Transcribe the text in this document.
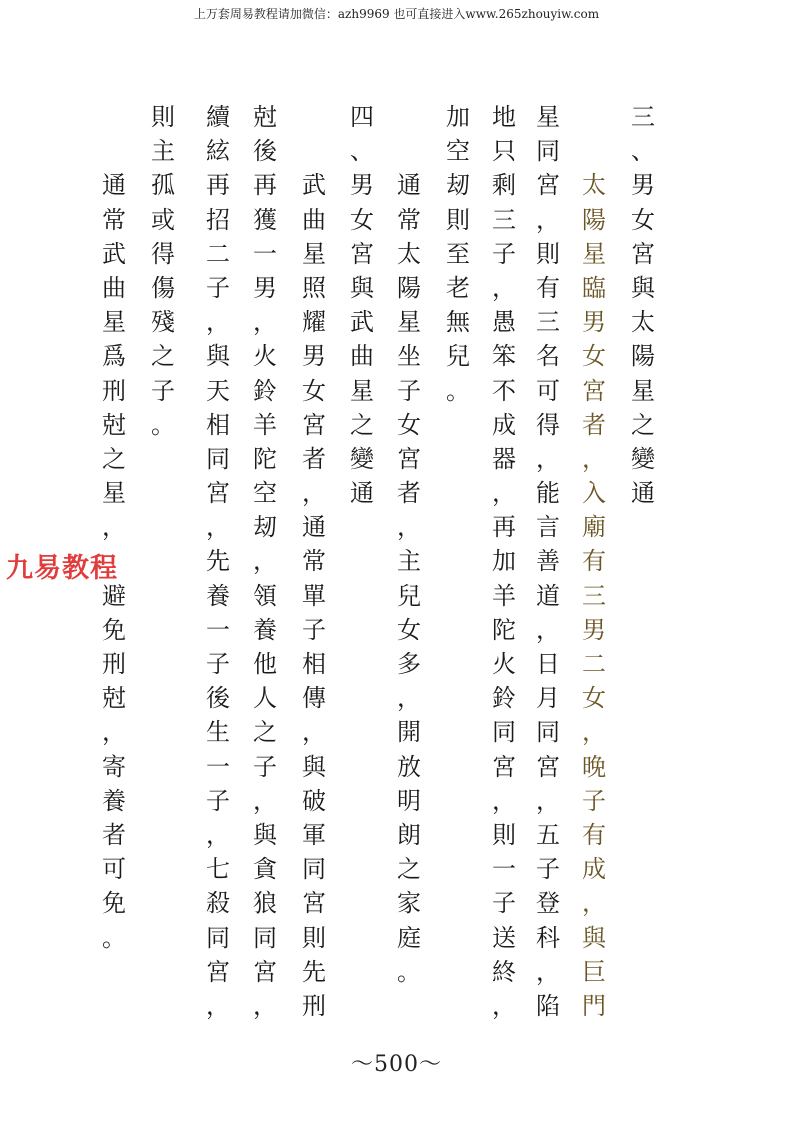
上万套周易教程请加微信：azh9969 也可直接进入www.265zhouyiw.com
三
、
男
女
宮
與
太
陽
星
之
變
通
太
陽
星
臨
男
女
宮
者
，
入
廟
有
三
男
二
女
，
晚
子
有
成
，
與
巨
門
星
同
宮
，
則
有
三
名
可
得
，
能
言
善
道
，
日
月
同
宮
，
五
子
登
科
，
陷
地
只
剩
三
子
，
愚
笨
不
成
器
，
再
加
羊
陀
火
鈴
同
宮
，
則
一
子
送
終
，
加
空
刼
則
至
老
無
兒
。
通
常
太
陽
星
坐
子
女
宮
者
，
主
兒
女
多
，
開
放
明
朗
之
家
庭
。
四
、
男
女
宮
與
武
曲
星
之
變
通
武
曲
星
照
耀
男
女
宮
者
，
通
常
單
子
相
傳
，
與
破
軍
同
宮
則
先
刑
尅
後
再
獲
一
男
，
火
鈴
羊
陀
空
刼
，
領
養
他
人
之
子
，
與
貪
狼
同
宮
，
續
絃
再
招
二
子
，
與
天
相
同
宮
，
先
養
一
子
後
生
一
子
，
七
殺
同
宮
，
則
主
孤
或
得
傷
殘
之
子
。
通
常
武
曲
星
爲
刑
尅
之
星
，
避
免
刑
尅
，
寄
養
者
可
免
。
九易教程
～500～
